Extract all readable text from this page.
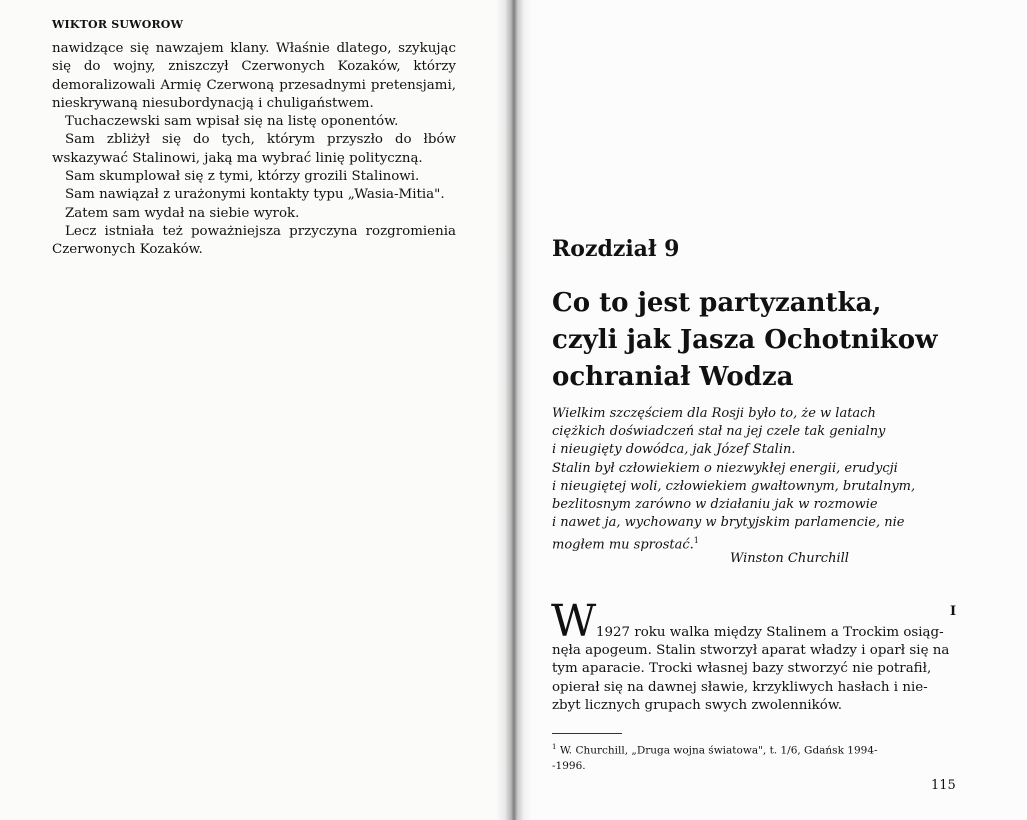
WIKTOR SUWOROW

nawidzące się nawzajem klany. Właśnie dlatego, szykując się do wojny, zniszczył Czerwonych Kozaków, którzy demoralizowali Armię Czerwoną przesadnymi pretensjami, nieskrywaną niesubordynacją i chuligaństwem.

Tuchaczewski sam wpisał się na listę oponentów.

Sam zbliżył się do tych, którym przyszło do łbów wskazywać Stalinowi, jaką ma wybrać linię polityczną.

Sam skumplował się z tymi, którzy grozili Stalinowi.

Sam nawiązał z urażonymi kontakty typu „Wasia-Mitia".

Zatem sam wydał na siebie wyrok.

Lecz istniała też poważniejsza przyczyna rozgromienia Czerwonych Kozaków.	Rozdział 9
Co to jest partyzantka,
czyli jak Jasza Ochotnikow
ochraniał Wodza
Wielkim szczęściem dla Rosji było to, że w latach
ciężkich doświadczeń stał na jej czele tak genialny
i nieugięty dowódca, jak Józef Stalin.
Stalin był człowiekiem o niezwykłej energii, erudycji
i nieugiętej woli, człowiekiem gwałtownym, brutalnym,
bezlitosnym zarówno w działaniu jak w rozmowie
i nawet ja, wychowany w brytyjskim parlamencie, nie
mogłem mu sprostać.$^1$
Winston Churchill
I
W 1927 roku walka między Stalinem a Trockim osiąg-
nęła apogeum. Stalin stworzył aparat władzy i oparł się na
tym aparacie. Trocki własnej bazy stworzyć nie potrafił,
opierał się na dawnej sławie, krzykliwych hasłach i nie-
zbyt licznych grupach swych zwolenników.
$^1$ W. Churchill, „Druga wojna światowa", t. 1/6, Gdańsk 1994-
-1996.
115
